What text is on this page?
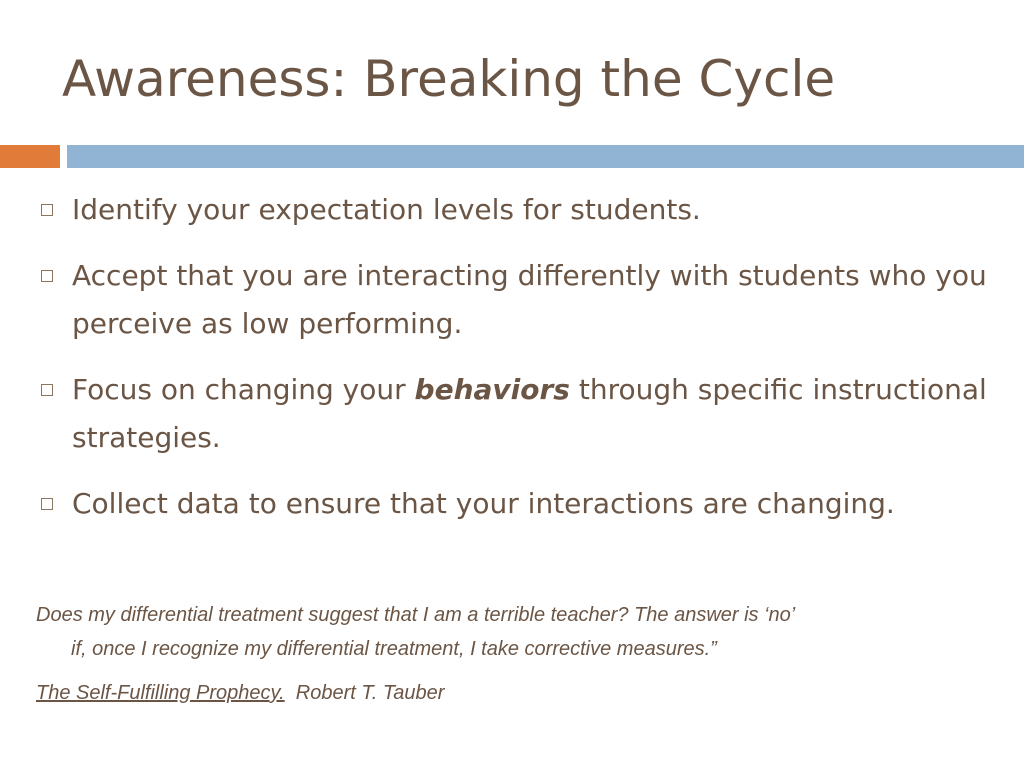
Awareness: Breaking the Cycle
Identify your expectation levels for students.
Accept that you are interacting differently with students who you perceive as low performing.
Focus on changing your behaviors through specific instructional strategies.
Collect data to ensure that your interactions are changing.
Does my differential treatment suggest that I am a terrible teacher? The answer is ‘no’
if, once I recognize my differential treatment, I take corrective measures.”
The Self-Fulfilling Prophecy. Robert T. Tauber
